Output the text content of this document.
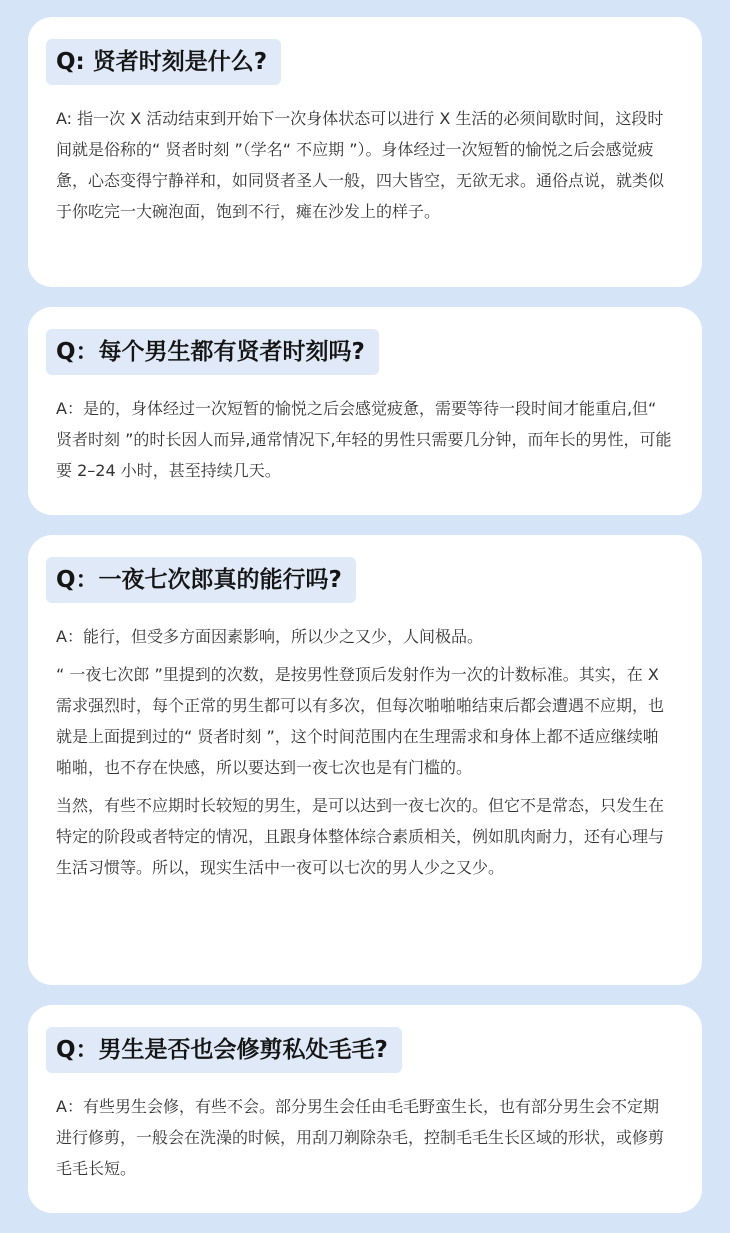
Q: 贤者时刻是什么?

A: 指一次 X 活动结束到开始下一次身体状态可以进行 X 生活的必须间歇时间，这段时间就是俗称的“ 贤者时刻 ”（学名“ 不应期 ”）。身体经过一次短暂的愉悦之后会感觉疲惫，心态变得宁静祥和，如同贤者圣人一般，四大皆空，无欲无求。通俗点说，就类似于你吃完一大碗泡面，饱到不行，瘫在沙发上的样子。

Q：每个男生都有贤者时刻吗?

A：是的，身体经过一次短暂的愉悦之后会感觉疲惫，需要等待一段时间才能重启,但“ 贤者时刻 ”的时长因人而异,通常情况下,年轻的男性只需要几分钟，而年长的男性，可能要 2–24 小时，甚至持续几天。

Q：一夜七次郎真的能行吗?

A：能行，但受多方面因素影响，所以少之又少，人间极品。

“ 一夜七次郎 ”里提到的次数，是按男性登顶后发射作为一次的计数标准。其实，在 X 需求强烈时，每个正常的男生都可以有多次，但每次啪啪啪结束后都会遭遇不应期，也就是上面提到过的“ 贤者时刻 ”，这个时间范围内在生理需求和身体上都不适应继续啪啪啪，也不存在快感，所以要达到一夜七次也是有门槛的。

当然，有些不应期时长较短的男生，是可以达到一夜七次的。但它不是常态，只发生在特定的阶段或者特定的情况，且跟身体整体综合素质相关，例如肌肉耐力，还有心理与生活习惯等。所以，现实生活中一夜可以七次的男人少之又少。

Q：男生是否也会修剪私处毛毛?

A：有些男生会修，有些不会。部分男生会任由毛毛野蛮生长，也有部分男生会不定期进行修剪，一般会在洗澡的时候，用刮刀剃除杂毛，控制毛毛生长区域的形状，或修剪毛毛长短。
